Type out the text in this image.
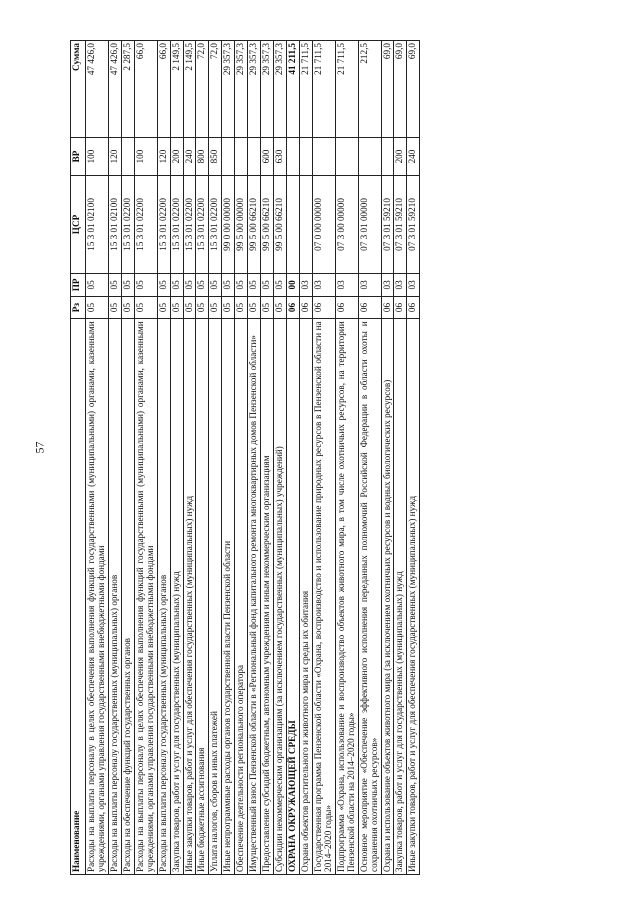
57
Наименование	Рз	ПР	ЦСР	ВР	Сумма
Расходы на выплаты персоналу в целях обеспечения выполнения функций государственными (муниципальными) органами, казенными учреждениями, органами управления государственными внебюджетными фондами	05	05	15 3 01 02100	100	47 426,0
Расходы на выплаты персоналу государственных (муниципальных) органов	05	05	15 3 01 02100	120	47 426,0
Расходы на обеспечение функций государственных органов	05	05	15 3 01 02200		2 287,5
Расходы на выплаты персоналу в целях обеспечения выполнения функций государственными (муниципальными) органами, казенными учреждениями, органами управления государственными внебюджетными фондами	05	05	15 3 01 02200	100	66,0
Расходы на выплаты персоналу государственных (муниципальных) органов	05	05	15 3 01 02200	120	66,0
Закупка товаров, работ и услуг для государственных (муниципальных) нужд	05	05	15 3 01 02200	200	2 149,5
Иные закупки товаров, работ и услуг для обеспечения государственных (муниципальных) нужд	05	05	15 3 01 02200	240	2 149,5
Иные бюджетные ассигнования	05	05	15 3 01 02200	800	72,0
Уплата налогов, сборов и иных платежей	05	05	15 3 01 02200	850	72,0
Иные непрограммные расходы органов государственной власти Пензенской области	05	05	99 0 00 00000		29 357,3
Обеспечение деятельности регионального оператора	05	05	99 5 00 00000		29 357,3
Имущественный взнос Пензенской области в «Региональный фонд капитального ремонта многоквартирных домов Пензенской области»	05	05	99 5 00 66210		29 357,3
Предоставление субсидий бюджетным, автономным учреждениям и иным некоммерческим организациям	05	05	99 5 00 66210	600	29 357,3
Субсидии некоммерческим организациям (за исключением государственных (муниципальных) учреждений)	05	05	99 5 00 66210	630	29 357,3
ОХРАНА ОКРУЖАЮЩЕЙ СРЕДЫ	06	00			41 211,5
Охрана объектов растительного и животного мира и среды их обитания	06	03			21 711,5
Государственная программа Пензенской области «Охрана, воспроизводство и использование природных ресурсов в Пензенской области на 2014–2020 годы»	06	03	07 0 00 00000		21 711,5
Подпрограмма «Охрана, использование и воспроизводство объектов животного мира, в том числе охотничьих ресурсов, на территории Пензенской области на 2014–2020 годы»	06	03	07 3 00 00000		21 711,5
Основное мероприятие «Обеспечение эффективного исполнения переданных полномочий Российской Федерации в области охоты и сохранения охотничьих ресурсов»	06	03	07 3 01 00000		212,5
Охрана и использование объектов животного мира (за исключением охотничьих ресурсов и водных биологических ресурсов)	06	03	07 3 01 59210		69,0
Закупка товаров, работ и услуг для государственных (муниципальных) нужд	06	03	07 3 01 59210	200	69,0
Иные закупки товаров, работ и услуг для обеспечения государственных (муниципальных) нужд	06	03	07 3 01 59210	240	69,0
